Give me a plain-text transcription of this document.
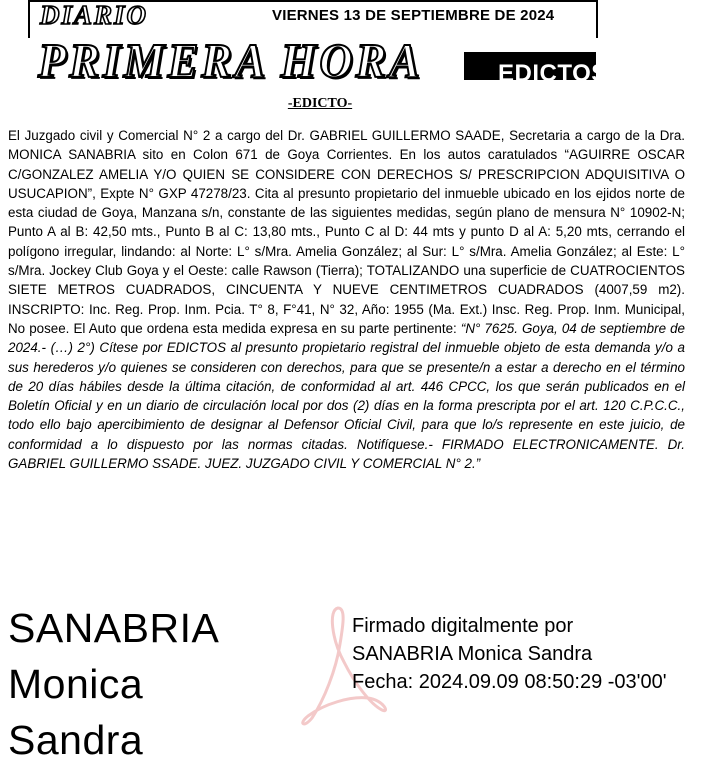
DIARIO	VIERNES 13 DE SEPTIEMBRE DE 2024
PRIMERA HORA	EDICTOS
-EDICTO-

El Juzgado civil y Comercial N° 2 a cargo del Dr. GABRIEL GUILLERMO SAADE, Secretaria a cargo de la Dra. MONICA SANABRIA sito en Colon 671 de Goya Corrientes. En los autos caratulados “AGUIRRE OSCAR C/GONZALEZ AMELIA Y/O QUIEN SE CONSIDERE CON DERECHOS S/ PRESCRIPCION ADQUISITIVA O USUCAPION”, Expte N° GXP 47278/23. Cita al presunto propietario del inmueble ubicado en los ejidos norte de esta ciudad de Goya, Manzana s/n, constante de las siguientes medidas, según plano de mensura N° 10902-N; Punto A al B: 42,50 mts., Punto B al C: 13,80 mts., Punto C al D: 44 mts y punto D al A: 5,20 mts, cerrando el polígono irregular, lindando: al Norte: L° s/Mra. Amelia González; al Sur: L° s/Mra. Amelia González; al Este: L° s/Mra. Jockey Club Goya y el Oeste: calle Rawson (Tierra); TOTALIZANDO una superficie de CUATROCIENTOS SIETE METROS CUADRADOS, CINCUENTA Y NUEVE CENTIMETROS CUADRADOS (4007,59 m2). INSCRIPTO: Inc. Reg. Prop. Inm. Pcia. T° 8, F°41, N° 32, Año: 1955 (Ma. Ext.) Insc. Reg. Prop. Inm. Municipal, No posee. El Auto que ordena esta medida expresa en su parte pertinente: “N° 7625. Goya, 04 de septiembre de 2024.- (…) 2°) Cítese por EDICTOS al presunto propietario registral del inmueble objeto de esta demanda y/o a sus herederos y/o quienes se consideren con derechos, para que se presente/n a estar a derecho en el término de 20 días hábiles desde la última citación, de conformidad al art. 446 CPCC, los que serán publicados en el Boletín Oficial y en un diario de circulación local por dos (2) días en la forma prescripta por el art. 120 C.P.C.C., todo ello bajo apercibimiento de designar al Defensor Oficial Civil, para que lo/s represente en este juicio, de conformidad a lo dispuesto por las normas citadas. Notifíquese.- FIRMADO ELECTRONICAMENTE. Dr. GABRIEL GUILLERMO SSADE. JUEZ. JUZGADO CIVIL Y COMERCIAL N° 2.”

SANABRIA Monica
Sandra
Firmado digitalmente por
SANABRIA Monica Sandra
Fecha: 2024.09.09 08:50:29 -03'00'
